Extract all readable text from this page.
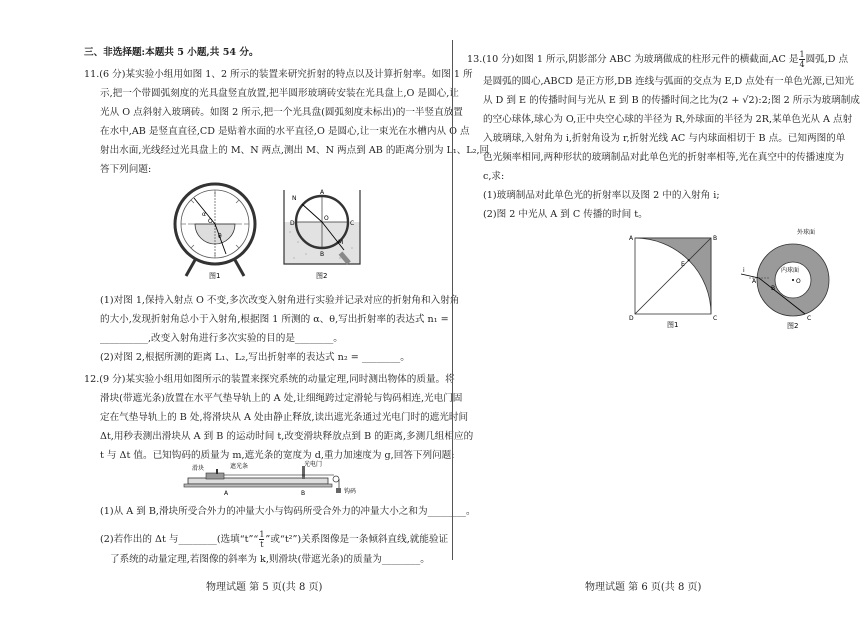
三、非选择题:本题共 5 小题,共 54 分。
11.(6 分)某实验小组用如图 1、2 所示的装置来研究折射的特点以及计算折射率。如图 1 所
示,把一个带圆弧刻度的光具盘竖直放置,把半圆形玻璃砖安装在光具盘上,O 是圆心,让
光从 O 点斜射入玻璃砖。如图 2 所示,把一个光具盘(圆弧刻度未标出)的一半竖直放置
在水中,AB 是竖直直径,CD 是贴着水面的水平直径,O 是圆心,让一束光在水槽内从 O 点
射出水面,光线经过光具盘上的 M、N 两点,测出 M、N 两点到 AB 的距离分别为 L₁、L₂,回
答下列问题:
O
α
θ
图1
N
A
D	C
O
M
B
图2
(1)对图 1,保持入射点 O 不变,多次改变入射角进行实验并记录对应的折射角和入射角
的大小,发现折射角总小于入射角,根据图 1 所测的 α、θ,写出折射率的表达式 n₁ =
__________,改变入射角进行多次实验的目的是________。
(2)对图 2,根据所测的距离 L₁、L₂,写出折射率的表达式 n₂ = ________。
12.(9 分)某实验小组用如图所示的装置来探究系统的动量定理,同时测出物体的质量。将
滑块(带遮光条)放置在水平气垫导轨上的 A 处,让细绳跨过定滑轮与钩码相连,光电门固
定在气垫导轨上的 B 处,将滑块从 A 处由静止释放,读出遮光条通过光电门时的遮光时间
Δt,用秒表测出滑块从 A 到 B 的运动时间 t,改变滑块释放点到 B 的距离,多测几组相应的
t 与 Δt 值。已知钩码的质量为 m,遮光条的宽度为 d,重力加速度为 g,回答下列问题:
滑块	遮光条	光电门
A	B	钩码
(1)从 A 到 B,滑块所受合外力的冲量大小与钩码所受合外力的冲量大小之和为________。
(2)若作出的 Δt 与________(选填“t”“ $\frac{1}{t}$ ”或“t²”)关系图像是一条倾斜直线,就能验证
了系统的动量定理,若图像的斜率为 k,则滑块(带遮光条)的质量为________。
物理试题 第 5 页(共 8 页)
13.(10 分)如图 1 所示,阴影部分 ABC 为玻璃做成的柱形元件的横截面,AC 是 $\frac{1}{4}$ 圆弧,D 点
是圆弧的圆心,ABCD 是正方形,DB 连线与弧面的交点为 E,D 点处有一单色光源,已知光
从 D 到 E 的传播时间与光从 E 到 B 的传播时间之比为(2 + √2):2;图 2 所示为玻璃制成
的空心球体,球心为 O,正中央空心球的半径为 R,外球面的半径为 2R,某单色光从 A 点射
入玻璃球,入射角为 i,折射角设为 r,折射光线 AC 与内球面相切于 B 点。已知两图的单
色光频率相同,两种形状的玻璃制品对此单色光的折射率相等,光在真空中的传播速度为
c,求:
(1)玻璃制品对此单色光的折射率以及图 2 中的入射角 i;
(2)图 2 中光从 A 到 C 传播的时间 t。
A	B
E
D	C
图1
外球面
内球面
A
B
O
C
i
图2
物理试题 第 6 页(共 8 页)
